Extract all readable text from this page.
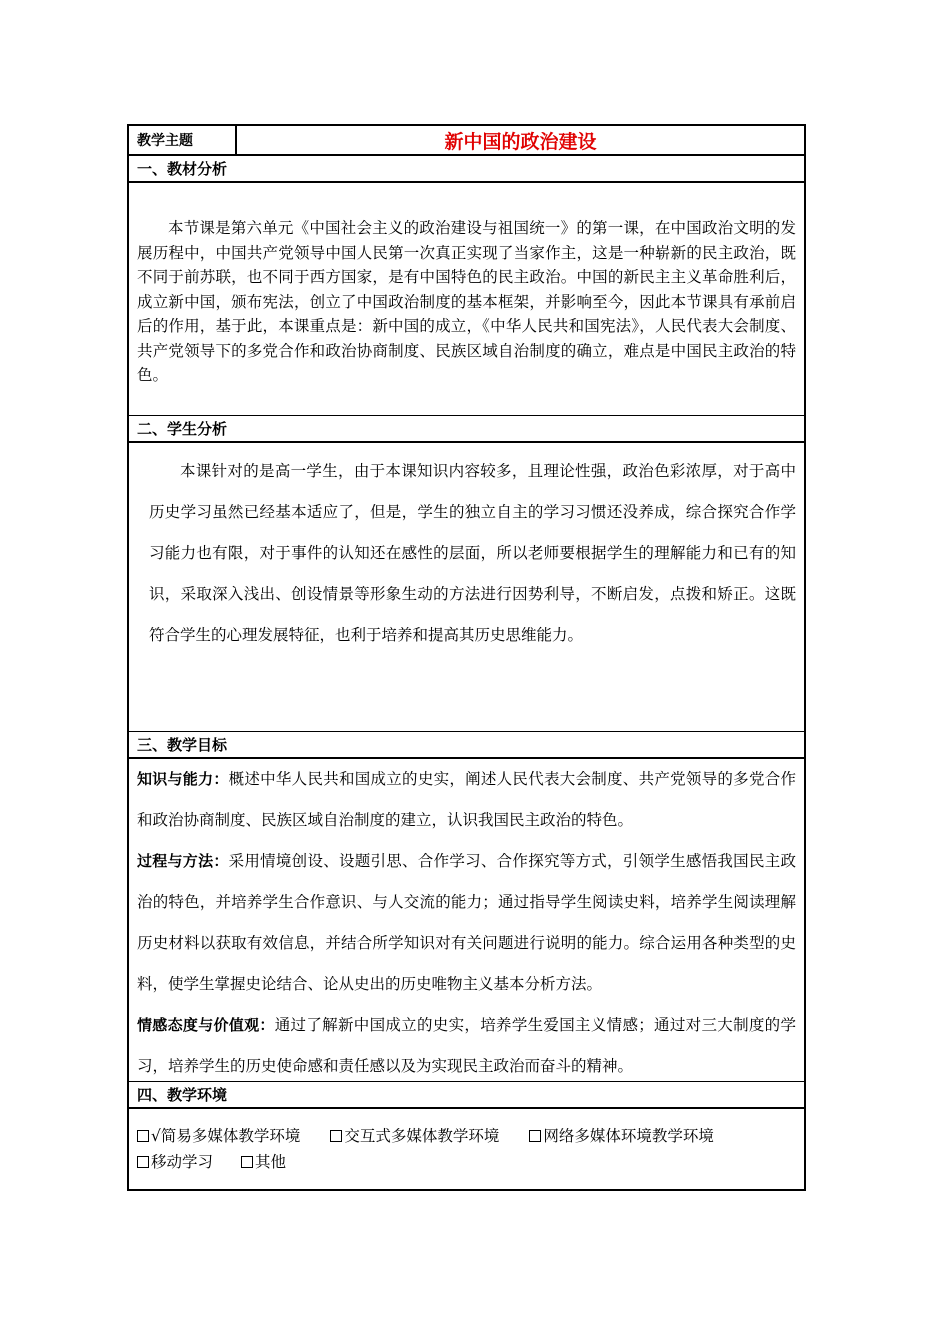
教学主题	新中国的政治建设
一、教材分析

本节课是第六单元《中国社会主义的政治建设与祖国统一》的第一课，在中国政治文明的发展历程中，中国共产党领导中国人民第一次真正实现了当家作主，这是一种崭新的民主政治，既不同于前苏联，也不同于西方国家，是有中国特色的民主政治。中国的新民主主义革命胜利后，成立新中国，颁布宪法，创立了中国政治制度的基本框架，并影响至今，因此本节课具有承前启后的作用，基于此，本课重点是：新中国的成立，《中华人民共和国宪法》，人民代表大会制度、共产党领导下的多党合作和政治协商制度、民族区域自治制度的确立，难点是中国民主政治的特色。

二、学生分析

本课针对的是高一学生，由于本课知识内容较多，且理论性强，政治色彩浓厚，对于高中历史学习虽然已经基本适应了，但是，学生的独立自主的学习习惯还没养成，综合探究合作学习能力也有限，对于事件的认知还在感性的层面，所以老师要根据学生的理解能力和已有的知识，采取深入浅出、创设情景等形象生动的方法进行因势利导，不断启发，点拨和矫正。这既符合学生的心理发展特征，也利于培养和提高其历史思维能力。

三、教学目标

知识与能力：概述中华人民共和国成立的史实，阐述人民代表大会制度、共产党领导的多党合作和政治协商制度、民族区域自治制度的建立，认识我国民主政治的特色。

过程与方法：采用情境创设、设题引思、合作学习、合作探究等方式，引领学生感悟我国民主政治的特色，并培养学生合作意识、与人交流的能力；通过指导学生阅读史料，培养学生阅读理解历史材料以获取有效信息，并结合所学知识对有关问题进行说明的能力。综合运用各种类型的史料，使学生掌握史论结合、论从史出的历史唯物主义基本分析方法。

情感态度与价值观：通过了解新中国成立的史实，培养学生爱国主义情感；通过对三大制度的学习，培养学生的历史使命感和责任感以及为实现民主政治而奋斗的精神。

四、教学环境
√简易多媒体教学环境	交互式多媒体教学环境	网络多媒体环境教学环境
移动学习	其他
